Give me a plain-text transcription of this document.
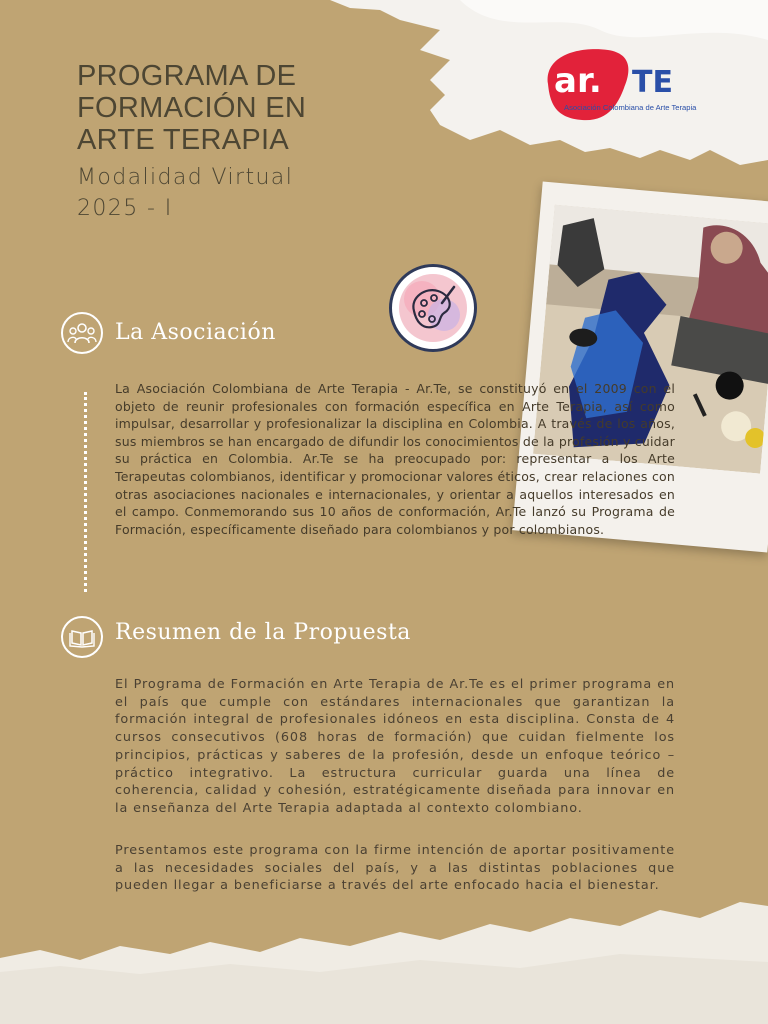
PROGRAMA DE

FORMACIÓN EN

ARTE TERAPIA

Modalidad Virtual

2025 - I

ar. TE
Asociación Colombiana de Arte Terapia
La Asociación

La Asociación Colombiana de Arte Terapia - Ar.Te, se constituyó en el 2009 con el objeto de reunir profesionales con formación específica en Arte Terapia, así como impulsar, desarrollar y profesionalizar la disciplina en Colombia. A través de los años, sus miembros se han encargado de difundir los conocimientos de la profesión y cuidar su práctica en Colombia. Ar.Te se ha preocupado por: representar a los Arte Terapeutas colombianos, identificar y promocionar valores éticos, crear relaciones con otras asociaciones nacionales e internacionales, y orientar a aquellos interesados en el campo. Conmemorando sus 10 años de conformación, Ar.Te lanzó su Programa de Formación, específicamente diseñado para colombianos y por colombianos.

Resumen de la Propuesta

El Programa de Formación en Arte Terapia de Ar.Te es el primer programa en el país que cumple con estándares internacionales que garantizan la formación integral de profesionales idóneos en esta disciplina. Consta de 4 cursos consecutivos (608 horas de formación) que cuidan fielmente los principios, prácticas y saberes de la profesión, desde un enfoque teórico – práctico integrativo. La estructura curricular guarda una línea de coherencia, calidad y cohesión, estratégicamente diseñada para innovar en la enseñanza del Arte Terapia adaptada al contexto colombiano.

Presentamos este programa con la firme intención de aportar positivamente a las necesidades sociales del país, y a las distintas poblaciones que pueden llegar a beneficiarse a través del arte enfocado hacia el bienestar.
